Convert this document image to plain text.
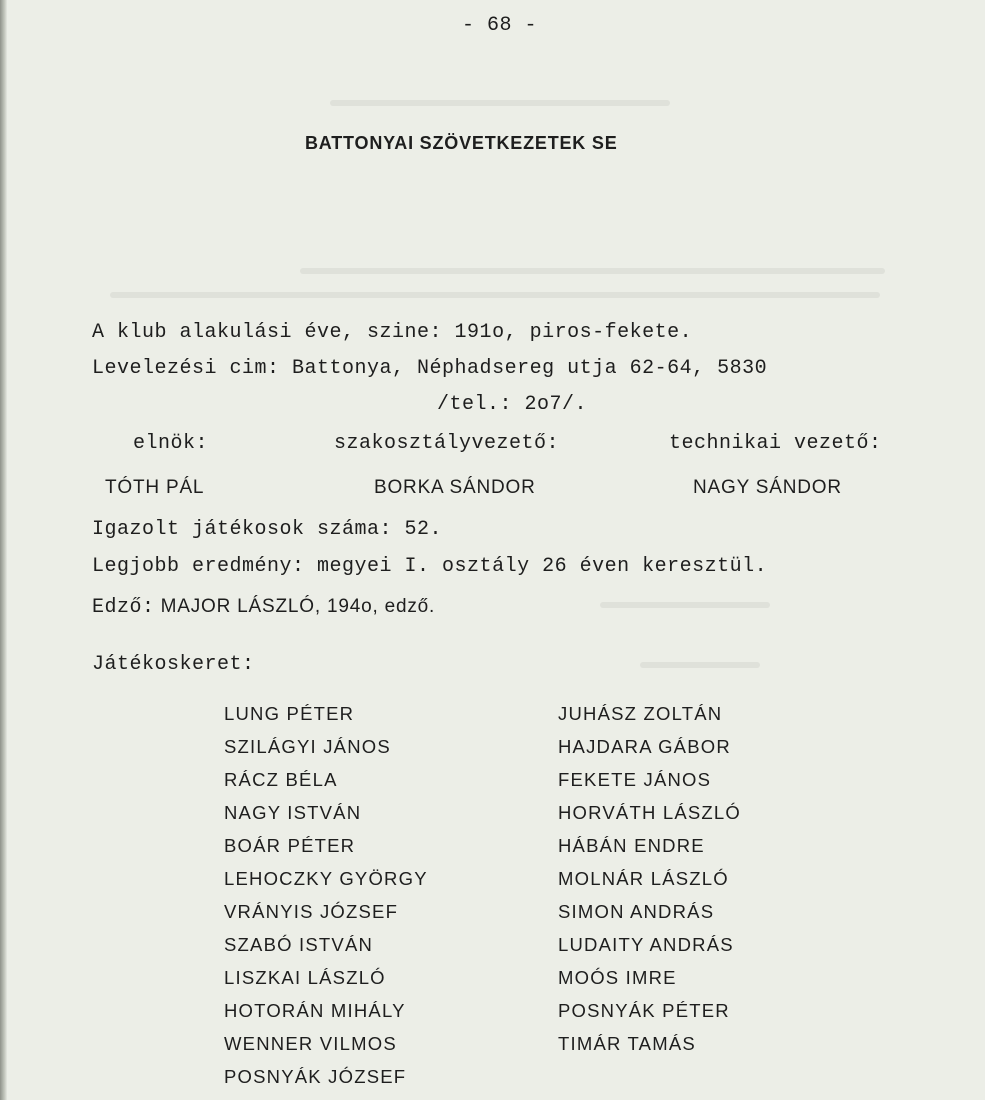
- 68 -
BATTONYAI SZÖVETKEZETEK SE
A klub alakulási éve, szine: 191o, piros-fekete.
Levelezési cim: Battonya, Néphadsereg utja 62-64, 5830
/tel.: 2o7/.
elnök:	szakosztályvezető:	technikai vezető:
TÓTH PÁL	BORKA SÁNDOR	NAGY SÁNDOR
Igazolt játékosok száma: 52.
Legjobb eredmény: megyei I. osztály 26 éven keresztül.
Edző: MAJOR LÁSZLÓ, 194o, edző.
Játékoskeret:
LUNG PÉTER
SZILÁGYI JÁNOS
RÁCZ BÉLA
NAGY ISTVÁN
BOÁR PÉTER
LEHOCZKY GYÖRGY
VRÁNYIS JÓZSEF
SZABÓ ISTVÁN
LISZKAI LÁSZLÓ
HOTORÁN MIHÁLY
WENNER VILMOS
POSNYÁK JÓZSEF
JUHÁSZ ZOLTÁN
HAJDARA GÁBOR
FEKETE JÁNOS
HORVÁTH LÁSZLÓ
HÁBÁN ENDRE
MOLNÁR LÁSZLÓ
SIMON ANDRÁS
LUDAITY ANDRÁS
MOÓS IMRE
POSNYÁK PÉTER
TIMÁR TAMÁS
